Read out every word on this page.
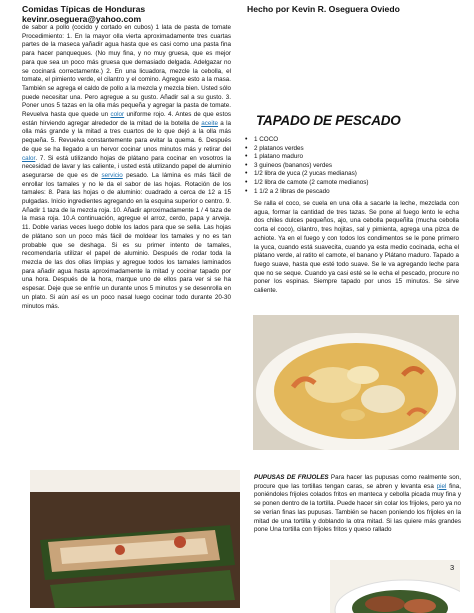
Comidas Típicas de Honduras
kevinr.oseguera@yahoo.com
Hecho por Kevin R. Oseguera Oviedo

de sabor a pollo (cocido y cortado en cubos) 1 lata de pasta de tomate Procedimiento: 1. En la mayor olla vierta aproximadamente tres cuartas partes de la maseca yañadir agua hasta que es casi como una pasta fina para hacer panqueques. (No muy fina, y no muy gruesa, que es mejor para que sea un poco más gruesa que demasiado delgada. Adelgazar no se cocinará correctamente.) 2. En una licuadora, mezcle la cebolla, el tomate, el pimiento verde, el cilantro y el comino. Agregue esto a la masa. También se agrega el caldo de pollo a la mezcla y mezcla bien. Usted sólo puede necesitar una. Pero agregue a su gusto. Añadir sal a su gusto. 3. Poner unos 5 tazas en la olla más pequeña y agregar la pasta de tomate. Revuelva hasta que quede un color uniforme rojo. 4. Antes de que estos están hirviendo agregar alrededor de la mitad de la botella de aceite a la olla más grande y la mitad a tres cuartos de lo que dejó a la olla más pequeña. 5. Revuelva constantemente para evitar la quema. 6. Después de que se ha llegado a un hervor cocinar unos minutos más y retirar del calor. 7. Si está utilizando hojas de plátano para cocinar en vosotros la necesidad de lavar y las caliente, i usted está utilizando papel de aluminio asegurarse de que es de servicio pesado. La lámina es más fácil de enrollar los tamales y no le da el sabor de las hojas. Rotación de los tamales: 8. Para las hojas o de aluminio: cuadrado a cerca de 12 a 15 pulgadas. Inicio ingredientes agregando en la esquina superior o centro. 9. Añadir 1 taza de la mezcla roja. 10. Añadir aproximadamente 1 / 4 taza de la masa roja. 10.A continuación, agregue el arroz, cerdo, papa y arveja. 11. Doble varias veces luego doble los lados para que se sella. Las hojas de plátano son un poco más fácil de moldear los tamales y no es tan probable que se deshaga. Si es su primer intento de tamales, recomendaría utilizar el papel de aluminio. Después de rodar toda la mezcla de las dos ollas limpias y agregue todos los tamales laminados para añadir agua hasta aproximadamente la mitad y cocinar tapado por una hora. Después de la hora, marque uno de ellos para ver si se ha espesar. Deje que se enfríe un durante unos 5 minutos y se desenrolla en un plato. Si aún así es un poco nasal luego cocinar todo durante 20-30 minutos más.

TAPADO DE PESCADO
• 1 COCO
• 2 platanos verdes
• 1 platano maduro
• 3 guineos (bananos) verdes
• 1/2 libra de yuca (2 yucas medianas)
• 1/2 libra de camote (2 camote medianos)
• 1 1/2 a 2 libras de pescado
Se ralla el coco, se cuela en una olla a sacarle la leche, mezclada con agua, formar la cantidad de tres tazas. Se pone al fuego lento le echa dos chiles dulces pequeños, ajo, una cebolla pequeñita (mucha cebolla corta el coco), cilantro, tres hojitas, sal y pimienta, agrega una pizca de achiote. Ya en el fuego y con todos los condimentos se le pone primero la yuca, cuando está suavecita, cuando ya esta medio cocinada, echa el plátano verde, al ratito el camote, el banano y Plátano maduro. Tapado a fuego suave, hasta que esté todo suave. Se le va agregando leche para que no se seque. Cuando ya casi esté se le echa el pescado, procure no poner los espinas. Siempre tapado por unos 15 minutos. Se sirve caliente.
PUPUSAS DE FRIJOLES Para hacer las pupusas como realmente son, procure que las tortillas tengan caras, se abren y levanta esa piel fina, poniéndoles frijoles colados fritos en manteca y cebolla picada muy fina y se ponen dentro de la tortilla. Puede hacer sin colar los frijoles, pero ya no se verían finas las pupusas. También se hacen poniendo los frijoles en la mitad de una tortilla y doblando la otra mitad. Si las quiere más grandes pone Una tortilla con frijoles fritos y queso rallado
3
